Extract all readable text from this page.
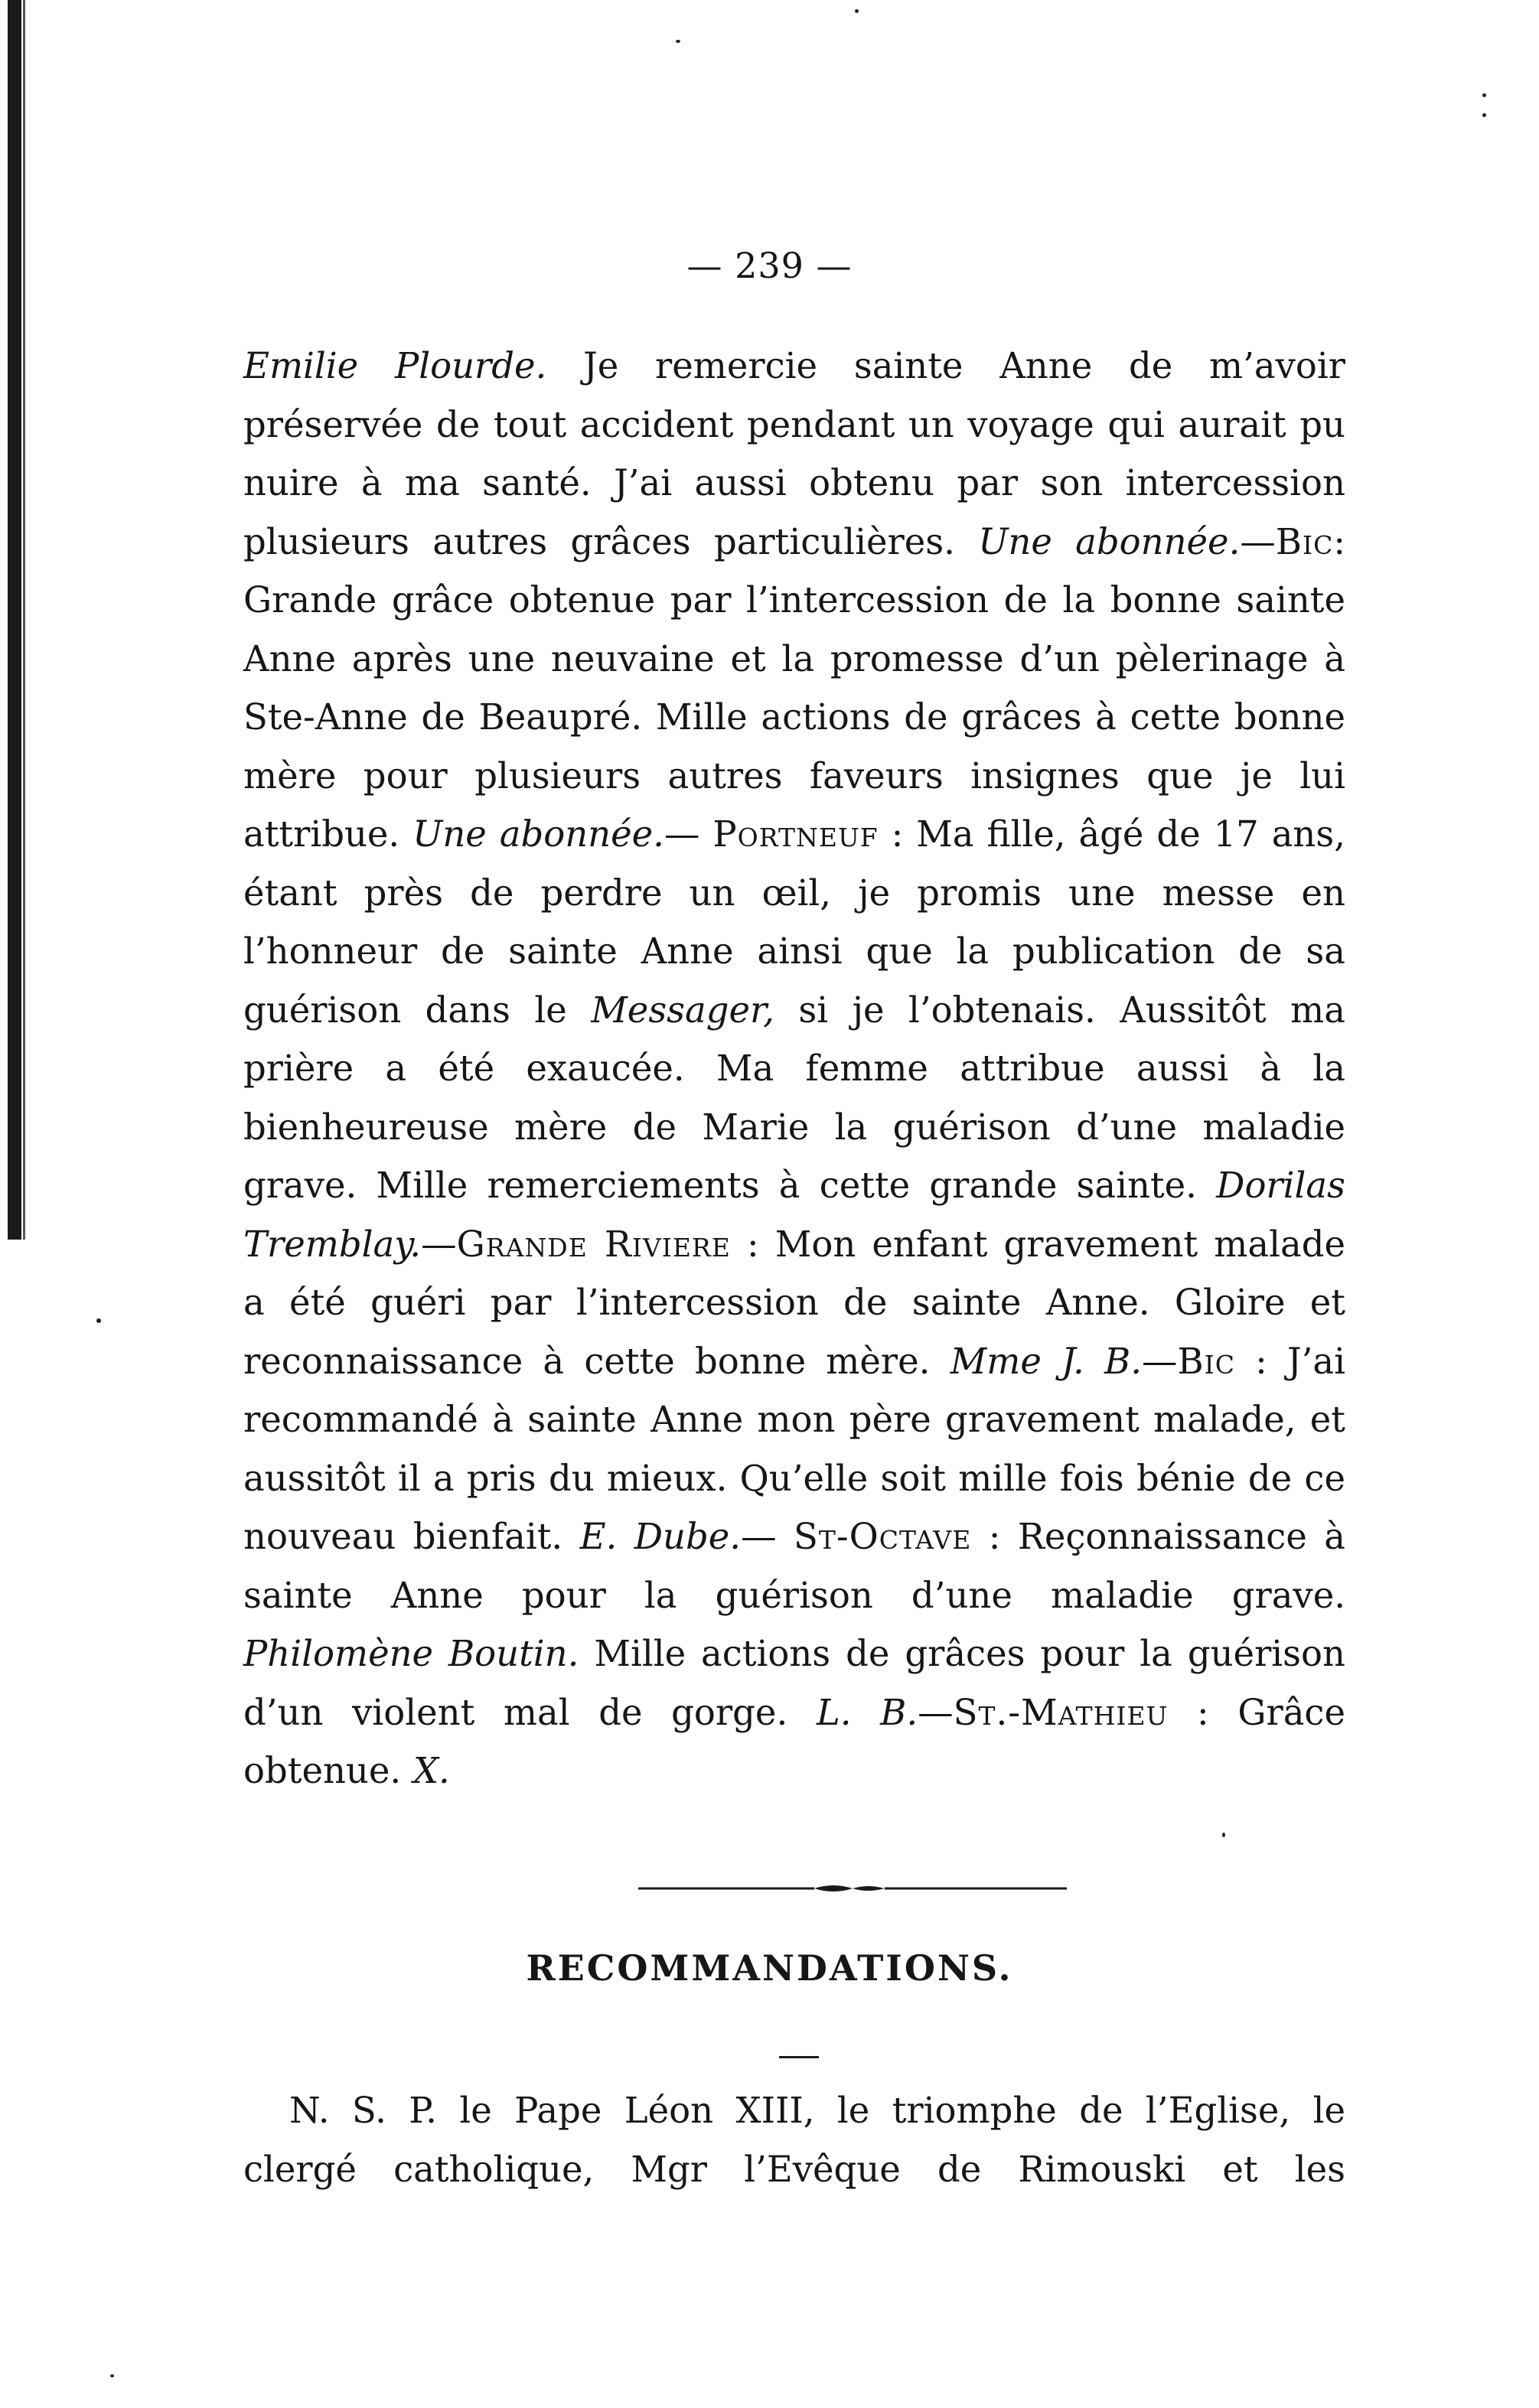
— 239 —
Emilie Plourde. Je remercie sainte Anne de m’avoir préservée de tout accident pendant un voyage qui aurait pu nuire à ma santé. J’ai aussi obtenu par son intercession plusieurs autres grâces particulières. Une abonnée.—Bic: Grande grâce obtenue par l’intercession de la bonne sainte Anne après une neuvaine et la promesse d’un pèlerinage à Ste-Anne de Beaupré. Mille actions de grâces à cette bonne mère pour plusieurs autres faveurs insignes que je lui attribue. Une abonnée.— Portneuf : Ma fille, âgé de 17 ans, étant près de perdre un œil, je promis une messe en l’honneur de sainte Anne ainsi que la publication de sa guérison dans le Messager, si je l’obtenais. Aussitôt ma prière a été exaucée. Ma femme attribue aussi à la bienheureuse mère de Marie la guérison d’une maladie grave. Mille remerciements à cette grande sainte. Dorilas Tremblay.—Grande Riviere : Mon enfant gravement malade a été guéri par l’intercession de sainte Anne. Gloire et reconnaissance à cette bonne mère. Mme J. B.—Bic : J’ai recommandé à sainte Anne mon père gravement malade, et aussitôt il a pris du mieux. Qu’elle soit mille fois bénie de ce nouveau bienfait. E. Dube.— St-Octave : Reçonnaissance à sainte Anne pour la guérison d’une maladie grave. Philomène Boutin. Mille actions de grâces pour la guérison d’un violent mal de gorge. L. B.—St.-Mathieu : Grâce obtenue. X.
RECOMMANDATIONS.
N. S. P. le Pape Léon XIII, le triomphe de l’Eglise, le clergé catholique, Mgr l’Evêque de Rimouski et les
